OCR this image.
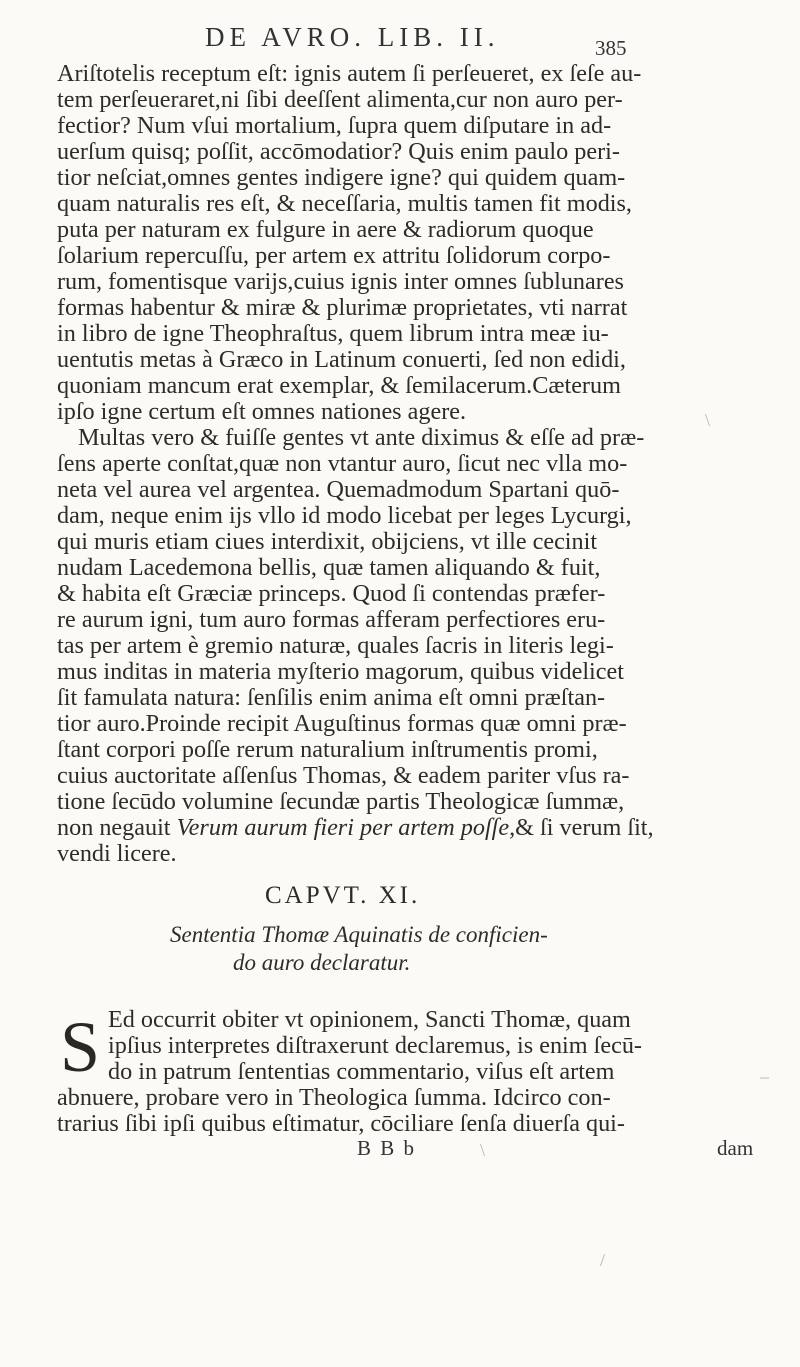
DE AVRO. LIB. II.	385
Ariſtotelis receptum eſt: ignis autem ſi perſeueret, ex ſeſe au-
tem perſeueraret,ni ſibi deeſſent alimenta,cur non auro per-
fectior? Num vſui mortalium, ſupra quem diſputare in ad-
uerſum quisq; poſſit, accōmodatior? Quis enim paulo peri-
tior neſciat,omnes gentes indigere igne? qui quidem quam-
quam naturalis res eſt, & neceſſaria, multis tamen fit modis,
puta per naturam ex fulgure in aere & radiorum quoque
ſolarium repercuſſu, per artem ex attritu ſolidorum corpo-
rum, fomentisque varijs,cuius ignis inter omnes ſublunares
formas habentur & miræ & plurimæ proprietates, vti narrat
in libro de igne Theophraſtus, quem librum intra meæ iu-
uentutis metas à Græco in Latinum conuerti, ſed non edidi,
quoniam mancum erat exemplar, & ſemilacerum.Cæterum
ipſo igne certum eſt omnes nationes agere.
Multas vero & fuiſſe gentes vt ante diximus & eſſe ad præ-
ſens aperte conſtat,quæ non vtantur auro, ſicut nec vlla mo-
neta vel aurea vel argentea. Quemadmodum Spartani quō-
dam, neque enim ijs vllo id modo licebat per leges Lycurgi,
qui muris etiam ciues interdixit, obijciens, vt ille cecinit
nudam Lacedemona bellis, quæ tamen aliquando & fuit,
& habita eſt Græciæ princeps. Quod ſi contendas præfer-
re aurum igni, tum auro formas afferam perfectiores eru-
tas per artem è gremio naturæ, quales ſacris in literis legi-
mus inditas in materia myſterio magorum, quibus videlicet
ſit famulata natura: ſenſilis enim anima eſt omni præſtan-
tior auro.Proinde recipit Auguſtinus formas quæ omni præ-
ſtant corpori poſſe rerum naturalium inſtrumentis promi,
cuius auctoritate aſſenſus Thomas, & eadem pariter vſus ra-
tione ſecūdo volumine ſecundæ partis Theologicæ ſummæ,
non negauit Verum aurum fieri per artem poſſe,& ſi verum ſit,
vendi licere.
CAPVT. XI.
Sententia Thomæ Aquinatis de conficien-
do auro declaratur.
S Ed occurrit obiter vt opinionem, Sancti Thomæ, quam
ipſius interpretes diſtraxerunt declaremus, is enim ſecū-
do in patrum ſententias commentario, viſus eſt artem
abnuere, probare vero in Theologica ſumma. Idcirco con-
trarius ſibi ipſi quibus eſtimatur, cōciliare ſenſa diuerſa qui-
B B b	dam
\
_
\
/
